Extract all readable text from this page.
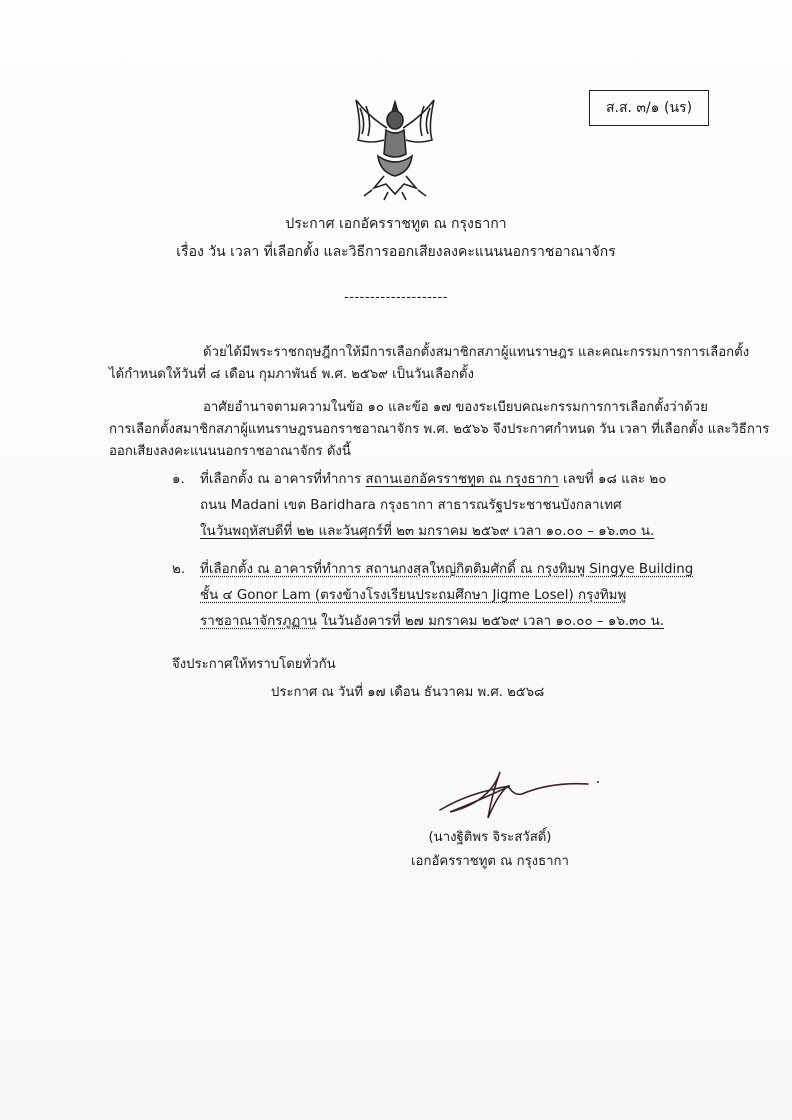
ส.ส. ๓/๑ (นร)
ประกาศ เอกอัครราชทูต ณ กรุงธากา
เรื่อง วัน เวลา ที่เลือกตั้ง และวิธีการออกเสียงลงคะแนนนอกราชอาณาจักร
--------------------
ด้วยได้มีพระราชกฤษฎีกาให้มีการเลือกตั้งสมาชิกสภาผู้แทนราษฎร และคณะกรรมการการเลือกตั้ง
ได้กำหนดให้วันที่ ๘ เดือน กุมภาพันธ์ พ.ศ. ๒๕๖๙ เป็นวันเลือกตั้ง
อาศัยอำนาจตามความในข้อ ๑๐ และข้อ ๑๗ ของระเบียบคณะกรรมการการเลือกตั้งว่าด้วย
การเลือกตั้งสมาชิกสภาผู้แทนราษฎรนอกราชอาณาจักร พ.ศ. ๒๕๖๖ จึงประกาศกำหนด วัน เวลา ที่เลือกตั้ง และวิธีการ
ออกเสียงลงคะแนนนอกราชอาณาจักร ดังนี้
๑. ที่เลือกตั้ง ณ อาคารที่ทำการ สถานเอกอัครราชทูต ณ กรุงธากา เลขที่ ๑๘ และ ๒๐
ถนน Madani เขต Baridhara กรุงธากา สาธารณรัฐประชาชนบังกลาเทศ
ในวันพฤหัสบดีที่ ๒๒ และวันศุกร์ที่ ๒๓ มกราคม ๒๕๖๙ เวลา ๑๐.๐๐ – ๑๖.๓๐ น.
๒. ที่เลือกตั้ง ณ อาคารที่ทำการ สถานกงสุลใหญ่กิตติมศักดิ์ ณ กรุงทิมพู Singye Building
ชั้น ๔ Gonor Lam (ตรงข้างโรงเรียนประถมศึกษา Jigme Losel) กรุงทิมพู
ราชอาณาจักรภูฏาน ในวันอังคารที่ ๒๗ มกราคม ๒๕๖๙ เวลา ๑๐.๐๐ – ๑๖.๓๐ น.
จึงประกาศให้ทราบโดยทั่วกัน
ประกาศ ณ วันที่ ๑๗ เดือน ธันวาคม พ.ศ. ๒๕๖๘
(นางฐิติพร จิระสวัสดิ์)
เอกอัครราชทูต ณ กรุงธากา
